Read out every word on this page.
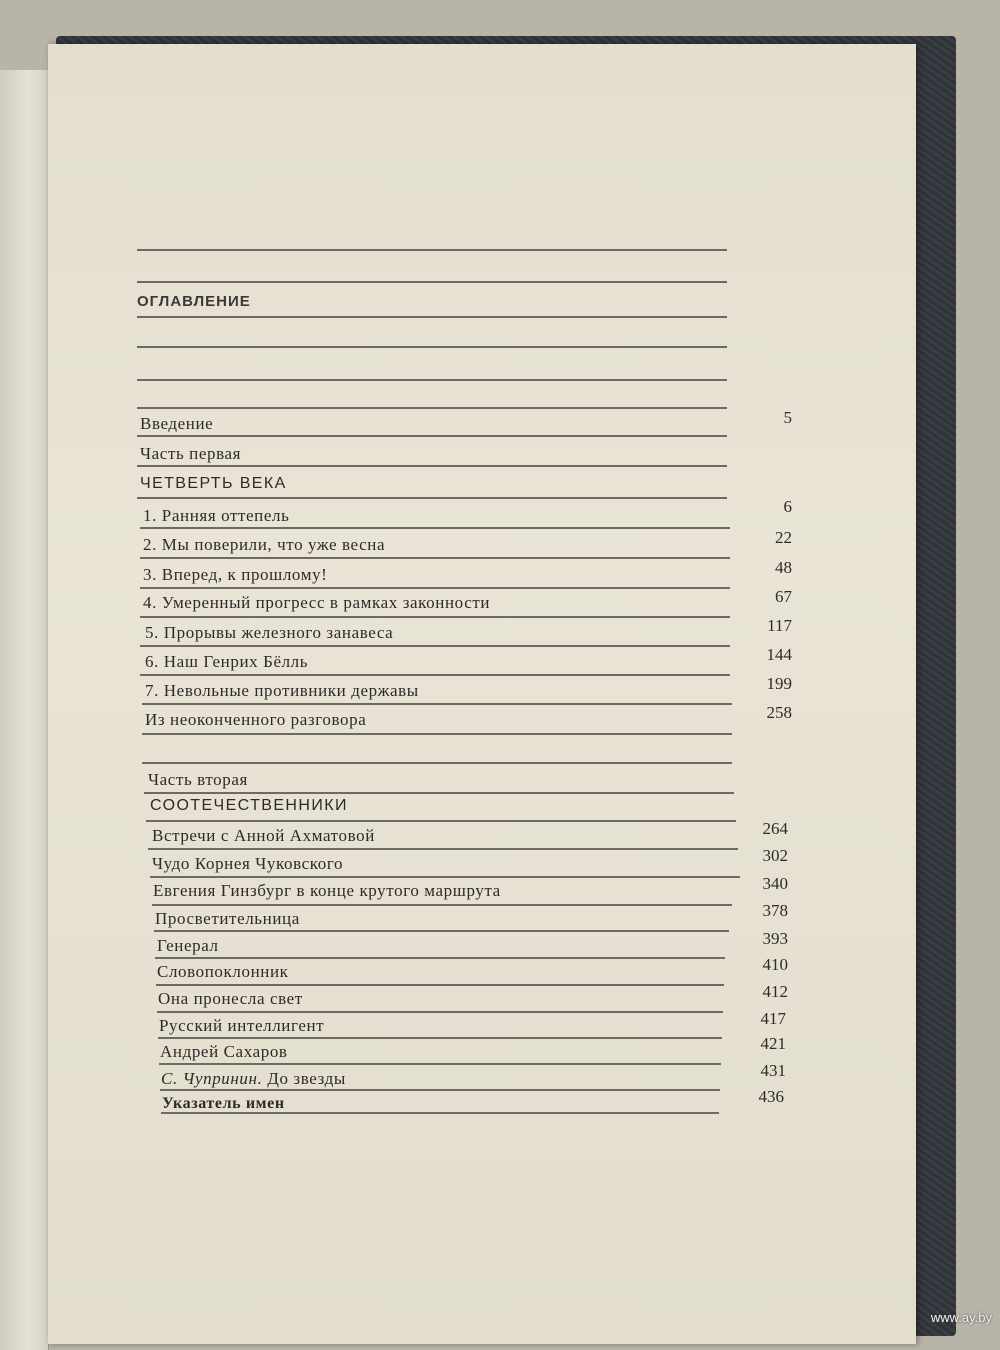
ОГЛАВЛЕНИЕ
Введение	5
Часть первая
ЧЕТВЕРТЬ ВЕКА
1. Ранняя оттепель	6
2. Мы поверили, что уже весна	22
3. Вперед, к прошлому!	48
4. Умеренный прогресс в рамках законности	67
5. Прорывы железного занавеса	117
6. Наш Генрих Бёлль	144
7. Невольные противники державы	199
Из неоконченного разговора	258
Часть вторая
СООТЕЧЕСТВЕННИКИ
Встречи с Анной Ахматовой	264
Чудо Корнея Чуковского	302
Евгения Гинзбург в конце крутого маршрута	340
Просветительница	378
Генерал	393
Словопоклонник	410
Она пронесла свет	412
Русский интеллигент	417
Андрей Сахаров	421
С. Чупринин. До звезды	431
Указатель имен	436
www.ay.by
